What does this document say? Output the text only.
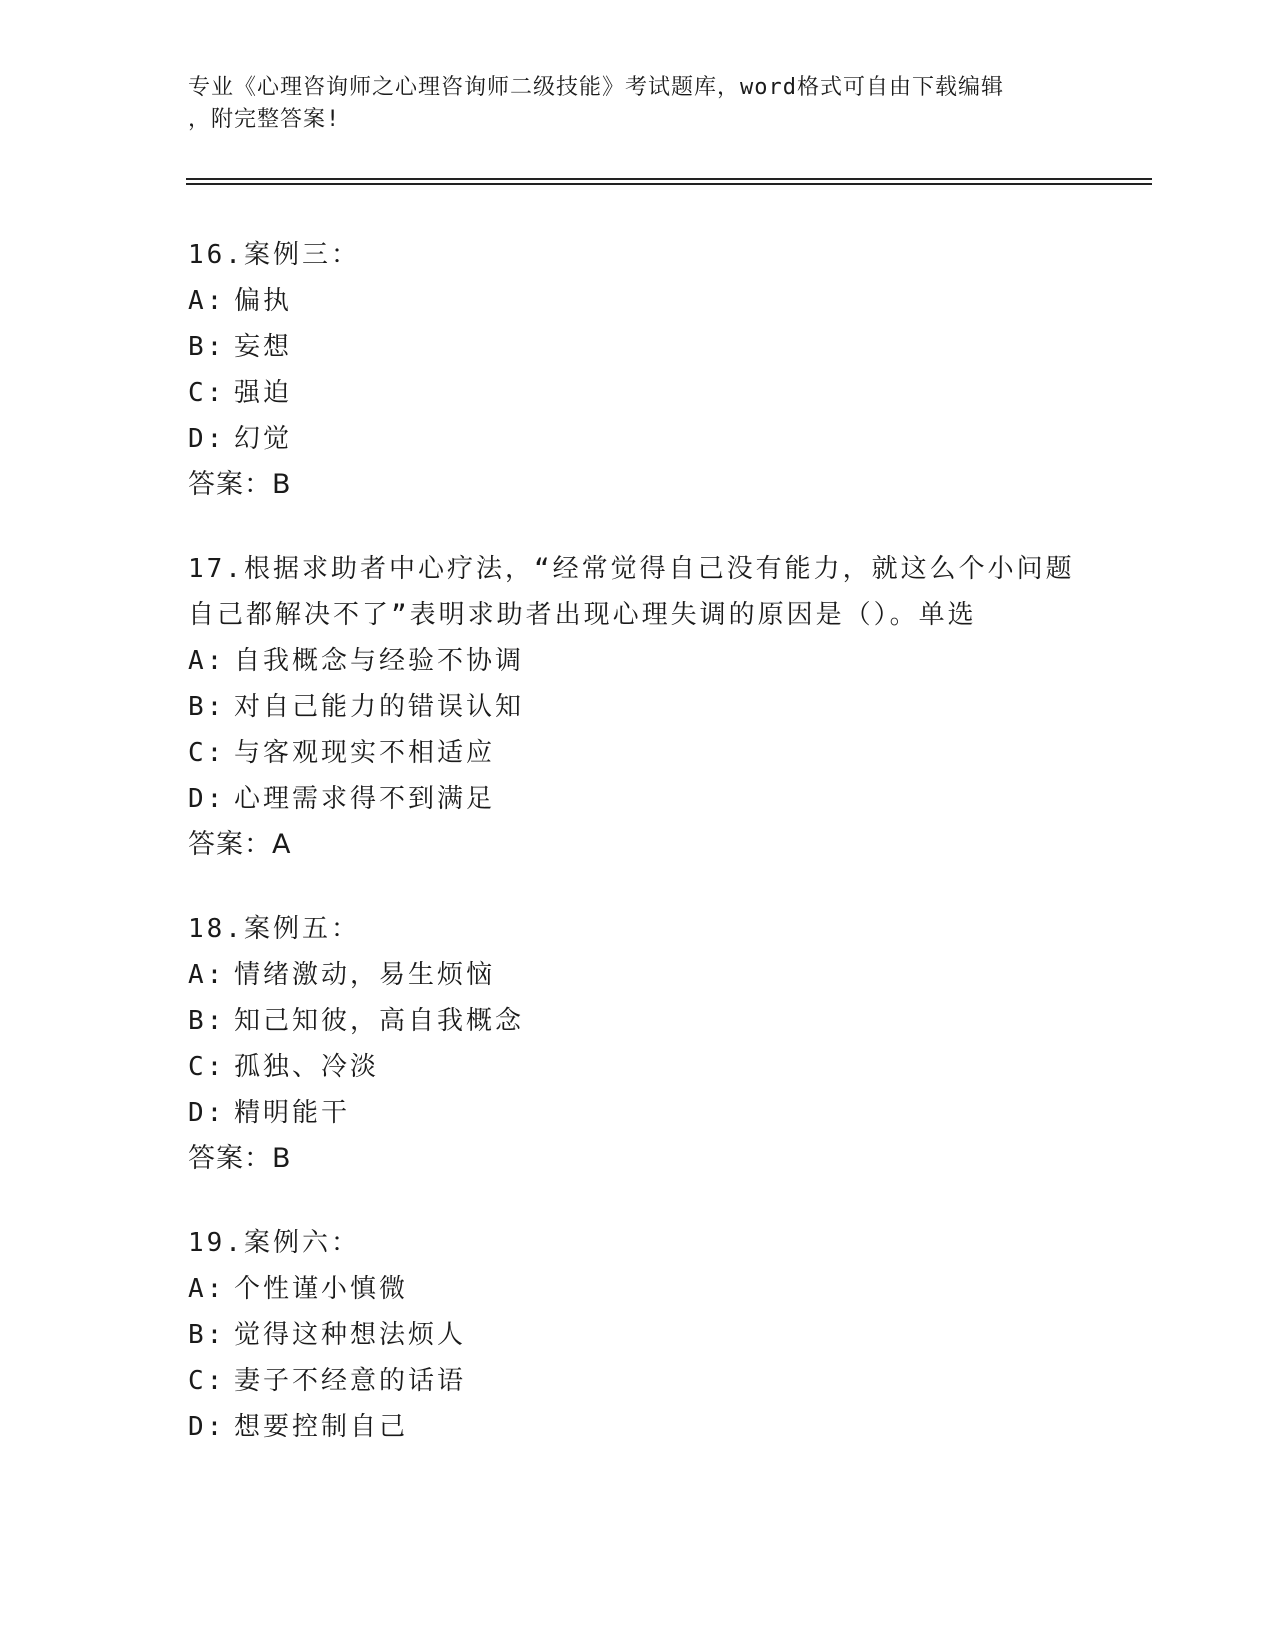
专业《心理咨询师之心理咨询师二级技能》考试题库，word格式可自由下载编辑
，附完整答案!
16.案例三：
A: 偏执
B: 妄想
C: 强迫
D: 幻觉
答案：B
17.根据求助者中心疗法，“经常觉得自己没有能力，就这么个小问题
自己都解决不了”表明求助者出现心理失调的原因是（）。单选
A: 自我概念与经验不协调
B: 对自己能力的错误认知
C: 与客观现实不相适应
D: 心理需求得不到满足
答案：A
18.案例五：
A: 情绪激动，易生烦恼
B: 知己知彼，高自我概念
C: 孤独、冷淡
D: 精明能干
答案：B
19.案例六：
A: 个性谨小慎微
B: 觉得这种想法烦人
C: 妻子不经意的话语
D: 想要控制自己
